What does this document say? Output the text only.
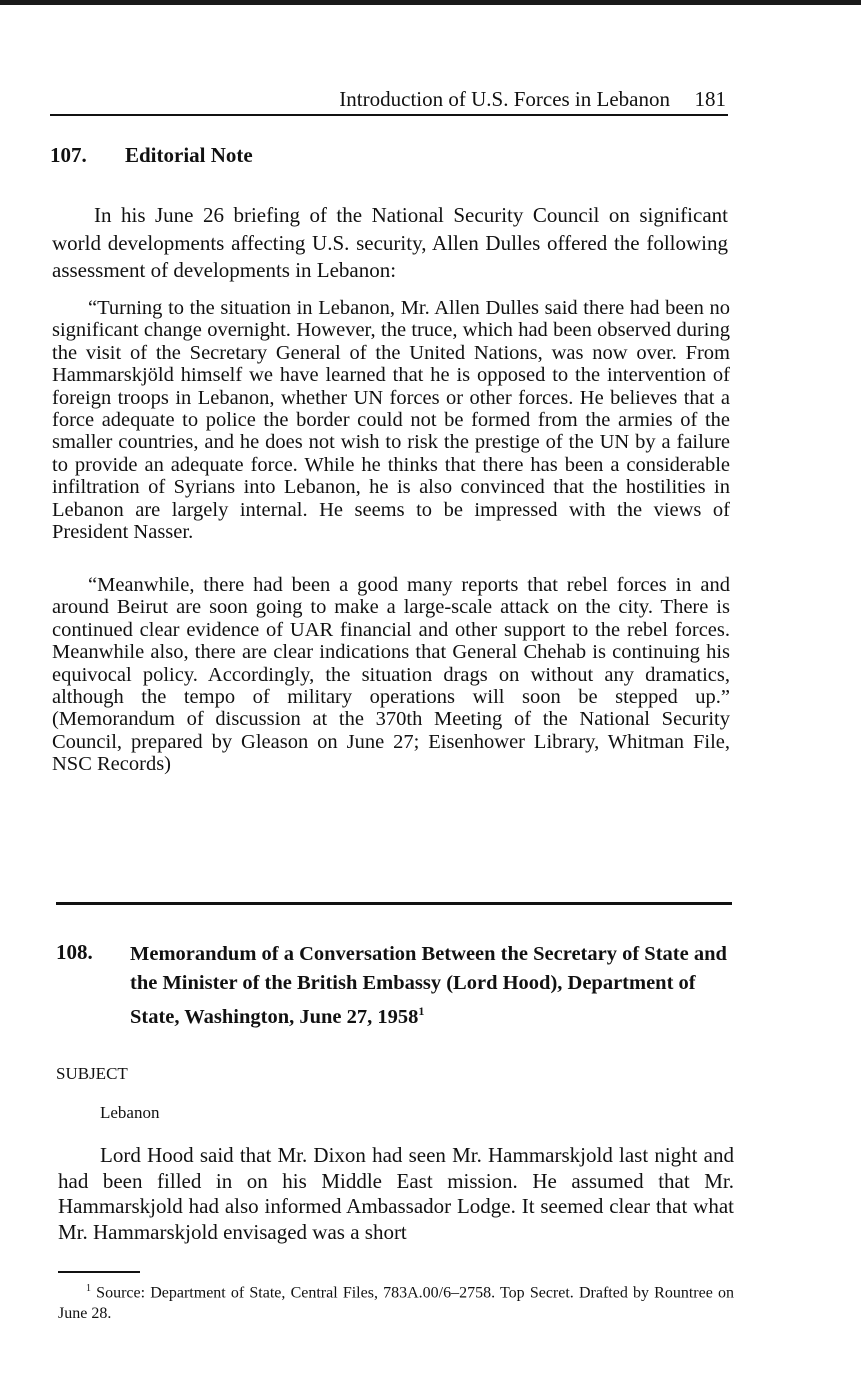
Introduction of U.S. Forces in Lebanon 181
107. Editorial Note

In his June 26 briefing of the National Security Council on significant world developments affecting U.S. security, Allen Dulles offered the following assessment of developments in Lebanon:

“Turning to the situation in Lebanon, Mr. Allen Dulles said there had been no significant change overnight. However, the truce, which had been observed during the visit of the Secretary General of the United Nations, was now over. From Hammarskjöld himself we have learned that he is opposed to the intervention of foreign troops in Lebanon, whether UN forces or other forces. He believes that a force adequate to police the border could not be formed from the armies of the smaller countries, and he does not wish to risk the prestige of the UN by a failure to provide an adequate force. While he thinks that there has been a considerable infiltration of Syrians into Lebanon, he is also convinced that the hostilities in Lebanon are largely internal. He seems to be impressed with the views of President Nasser.

“Meanwhile, there had been a good many reports that rebel forces in and around Beirut are soon going to make a large-scale attack on the city. There is continued clear evidence of UAR financial and other support to the rebel forces. Meanwhile also, there are clear indications that General Chehab is continuing his equivocal policy. Accordingly, the situation drags on without any dramatics, although the tempo of military operations will soon be stepped up.” (Memorandum of discussion at the 370th Meeting of the National Security Council, prepared by Gleason on June 27; Eisenhower Library, Whitman File, NSC Records)

108. Memorandum of a Conversation Between the Secretary of State and the Minister of the British Embassy (Lord Hood), Department of State, Washington, June 27, 1958$^1$
SUBJECT
Lebanon

Lord Hood said that Mr. Dixon had seen Mr. Hammarskjold last night and had been filled in on his Middle East mission. He assumed that Mr. Hammarskjold had also informed Ambassador Lodge. It seemed clear that what Mr. Hammarskjold envisaged was a short

$^1$ Source: Department of State, Central Files, 783A.00/6–2758. Top Secret. Drafted by Rountree on June 28.
